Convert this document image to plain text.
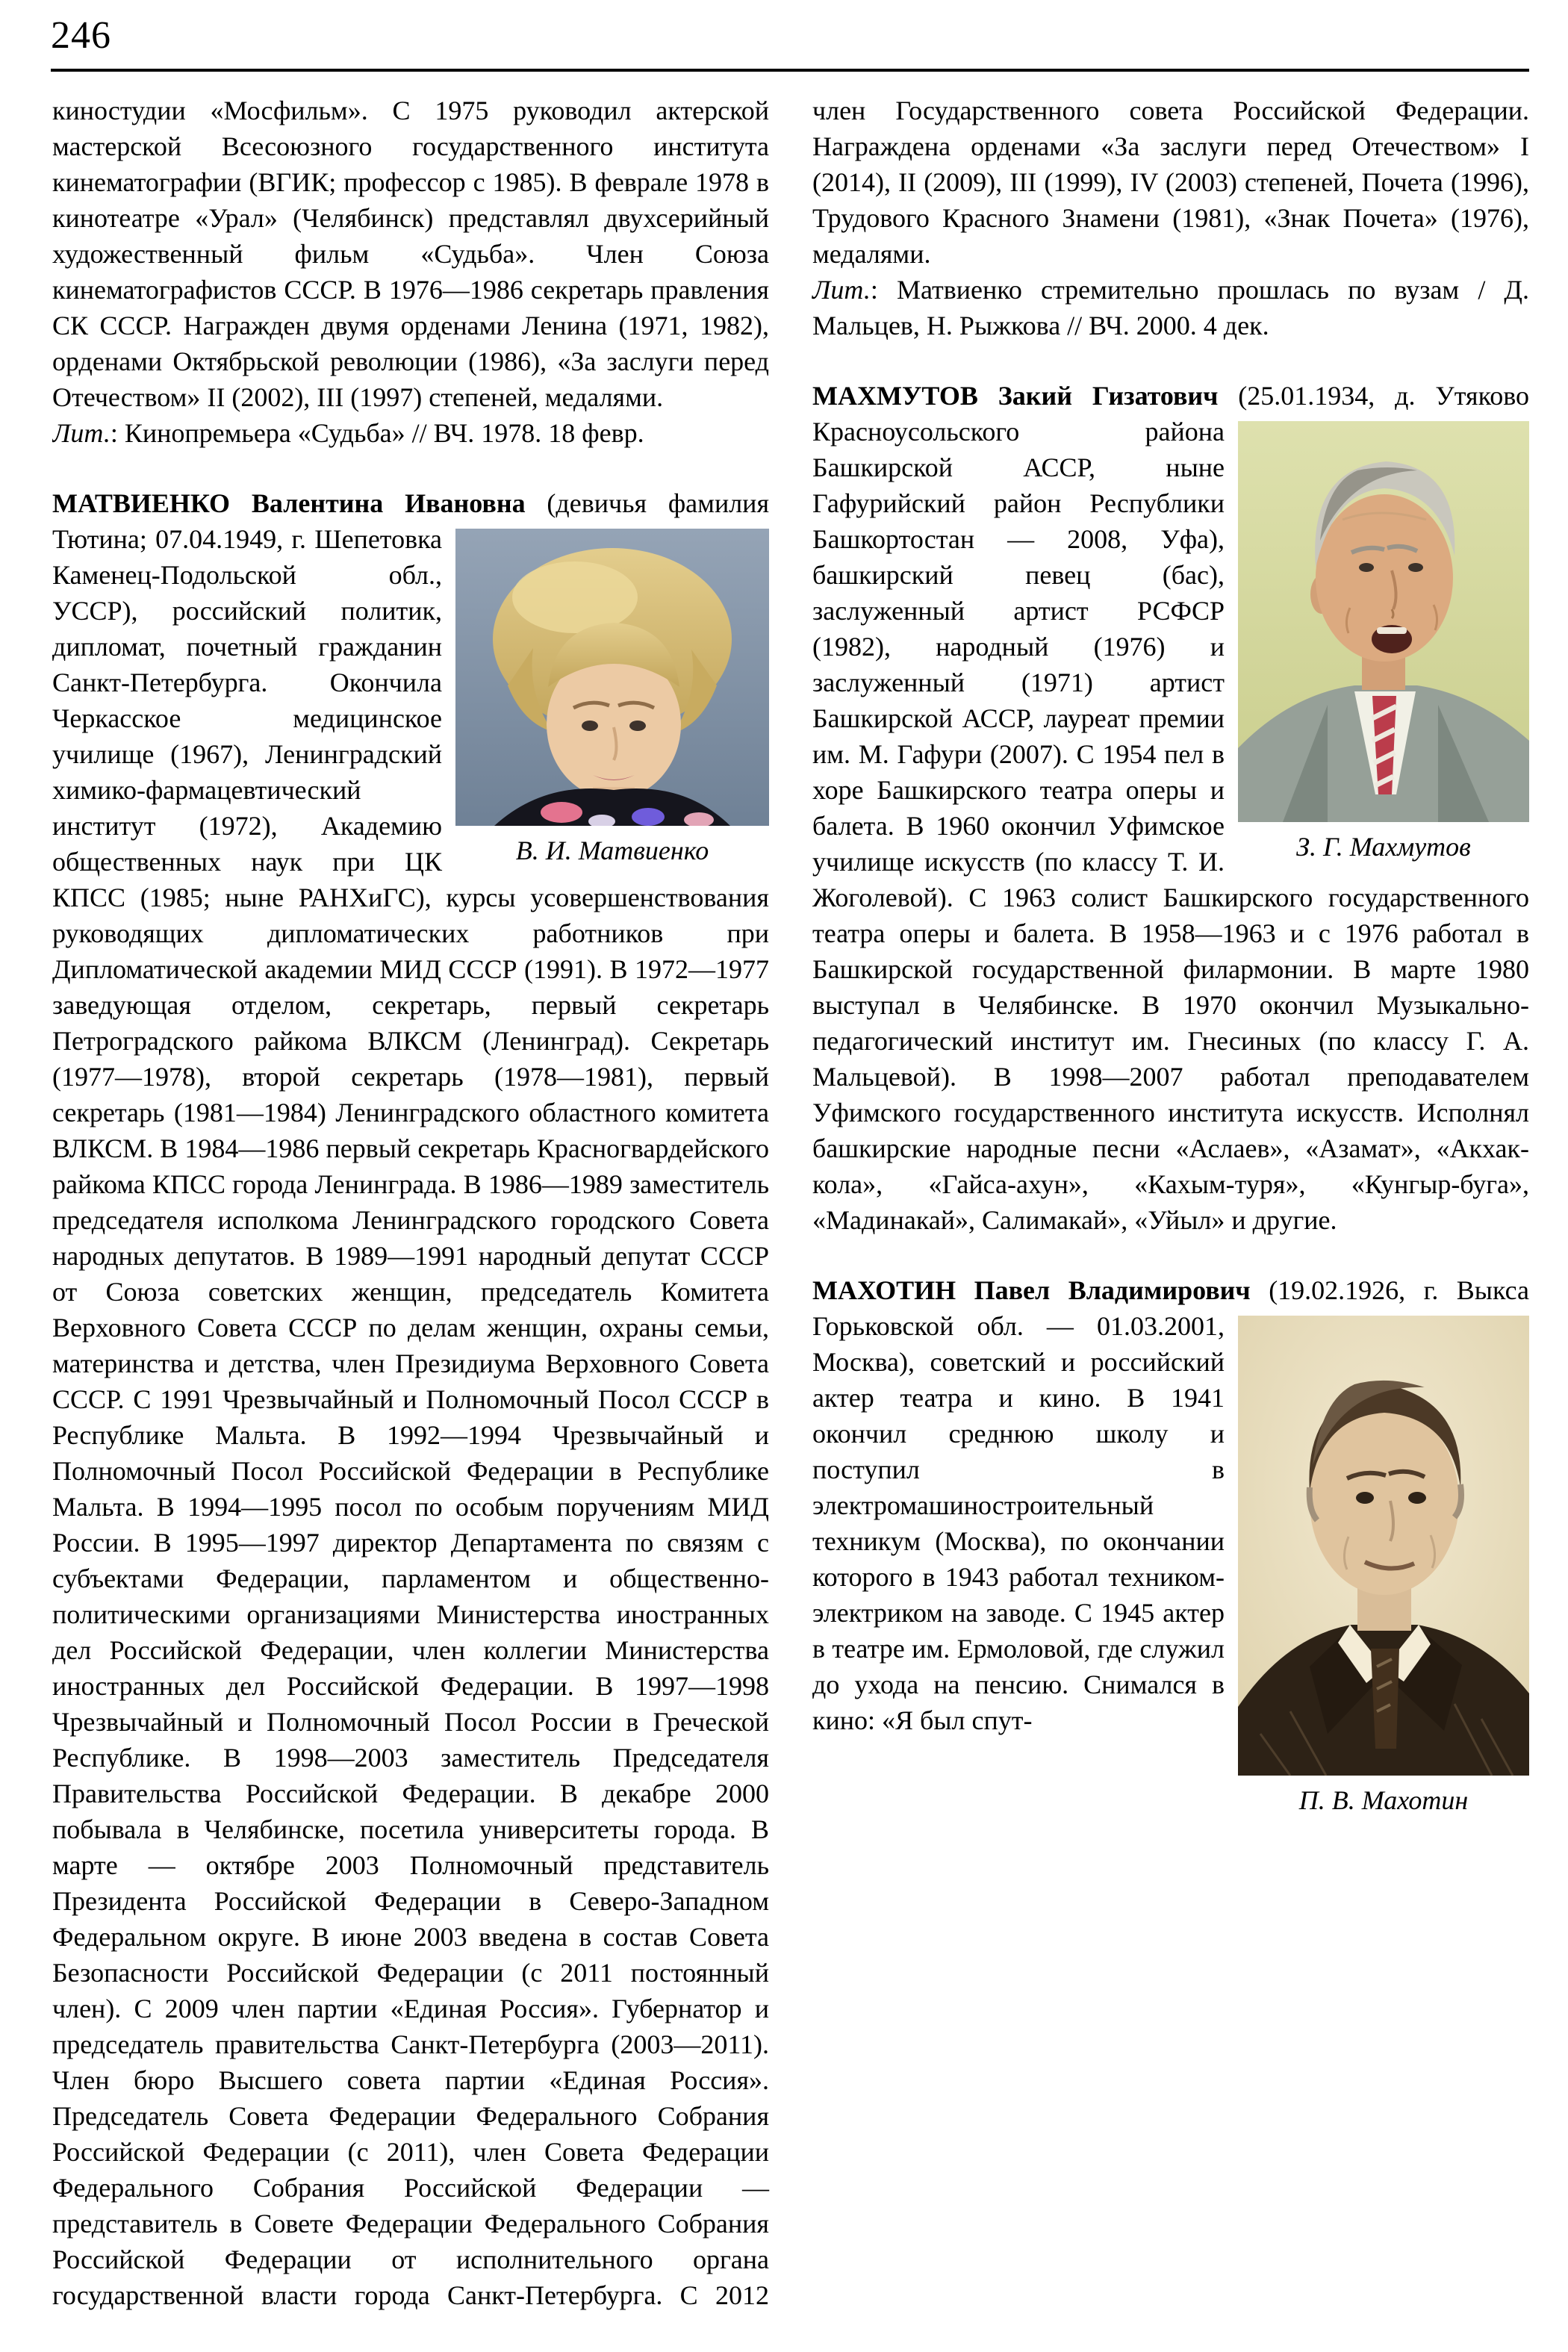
246

киностудии «Мосфильм». С 1975 руководил актерской мастерской Всесоюзного государственного института кинематографии (ВГИК; профессор с 1985). В феврале 1978 в кинотеатре «Урал» (Челябинск) представлял двухсерийный художественный фильм «Судьба». Член Союза кинематографистов СССР. В 1976—1986 секретарь правления СК СССР. Награжден двумя орденами Ленина (1971, 1982), орденами Октябрьской революции (1986), «За заслуги перед Отечеством» II (2002), III (1997) степеней, медалями.

Лит.: Кинопремьера «Судьба» // ВЧ. 1978. 18 февр.

МАТВИЕНКО Валентина Ивановна (девичья фамилия Тютина; 07.04.1949, г. Шепетовка
В. И. Матвиенко
Каменец-Подольской обл., УССР), российский политик, дипломат, почетный гражданин Санкт-Петербурга. Окончила Черкасское медицинское училище (1967), Ленинградский химико-фармацевтический институт (1972), Академию общественных наук при ЦК КПСС (1985; ныне РАНХиГС), курсы усовершенствования руководящих дипломатических работников при Дипломатической академии МИД СССР (1991). В 1972—1977 заведующая отделом, секретарь, первый секретарь Петроградского райкома ВЛКСМ (Ленинград). Секретарь (1977—1978), второй секретарь (1978—1981), первый секретарь (1981—1984) Ленинградского областного комитета ВЛКСМ. В 1984—1986 первый секретарь Красногвардейского райкома КПСС города Ленинграда. В 1986—1989 заместитель председателя исполкома Ленинградского городского Совета народных депутатов. В 1989—1991 народный депутат СССР от Союза советских женщин, председатель Комитета Верховного Совета СССР по делам женщин, охраны семьи, материнства и детства, член Президиума Верховного Совета СССР. С 1991 Чрезвычайный и Полномочный Посол СССР в Республике Мальта. В 1992—1994 Чрезвычайный и Полномочный Посол Российской Федерации в Республике Мальта. В 1994—1995 посол по особым поручениям МИД России. В 1995—1997 директор Департамента по связям с субъектами Федерации, парламентом и общественно-политическими организациями Министерства иностранных дел Российской Федерации, член коллегии Министерства иностранных дел Российской Федерации. В 1997—1998 Чрезвычайный и Полномочный Посол России в Греческой Республике. В 1998—2003 заместитель Председателя Правительства Российской Федерации. В декабре 2000 побывала в Челябинске, посетила университеты города. В марте — октябре 2003 Полномочный представитель Президента Российской Федерации в Северо-Западном Федеральном округе. В июне 2003 введена в состав Совета Безопасности Российской Федерации (с 2011 постоянный член). С 2009 член партии «Единая Россия». Губернатор и председатель правительства Санкт-Петербурга (2003—2011). Член бюро Высшего совета партии «Единая Россия». Председатель Совета Федерации Федерального Собрания Российской Федерации (с 2011), член Совета Федерации Федерального Собрания Российской Федерации — представитель в Совете Федерации Федерального Собрания Российской Федерации от исполнительного органа государственной власти города Санкт-Петербурга. С 2012 член Государственного совета Российской Федерации. Награждена орденами «За заслуги перед Отечеством» I (2014), II (2009), III (1999), IV (2003) степеней, Почета (1996), Трудового Красного Знамени (1981), «Знак Почета» (1976), медалями.

Лит.: Матвиенко стремительно прошлась по вузам / Д. Мальцев, Н. Рыжкова // ВЧ. 2000. 4 дек.

МАХМУТОВ Закий Гизатович (25.01.1934, д. Утяково Красноусольского района
З. Г. Махмутов
Башкирской АССР, ныне Гафурийский район Республики Башкортостан — 2008, Уфа), башкирский певец (бас), заслуженный артист РСФСР (1982), народный (1976) и заслуженный (1971) артист Башкирской АССР, лауреат премии им. М. Гафури (2007). С 1954 пел в хоре Башкирского театра оперы и балета. В 1960 окончил Уфимское училище искусств (по классу Т. И. Жоголевой). С 1963 солист Башкирского государственного театра оперы и балета. В 1958—1963 и с 1976 работал в Башкирской государственной филармонии. В марте 1980 выступал в Челябинске. В 1970 окончил Музыкально-педагогический институт им. Гнесиных (по классу Г. А. Мальцевой). В 1998—2007 работал преподавателем Уфимского государственного института искусств. Исполнял башкирские народные песни «Аслаев», «Азамат», «Акхак-кола», «Гайса-ахун», «Кахым-туря», «Кунгыр-буга», «Мадинакай», Салимакай», «Уйыл» и другие.

МАХОТИН Павел Владимирович (19.02.1926,
П. В. Махотин
г. Выкса Горьковской обл. — 01.03.2001, Москва), советский и российский актер театра и кино. В 1941 окончил среднюю школу и поступил в электромашиностроительный техникум (Москва), по окончании которого в 1943 работал техником-электриком на заводе. С 1945 актер в театре им. Ермоловой, где служил до ухода на пенсию. Снимался в кино: «Я был спут-
